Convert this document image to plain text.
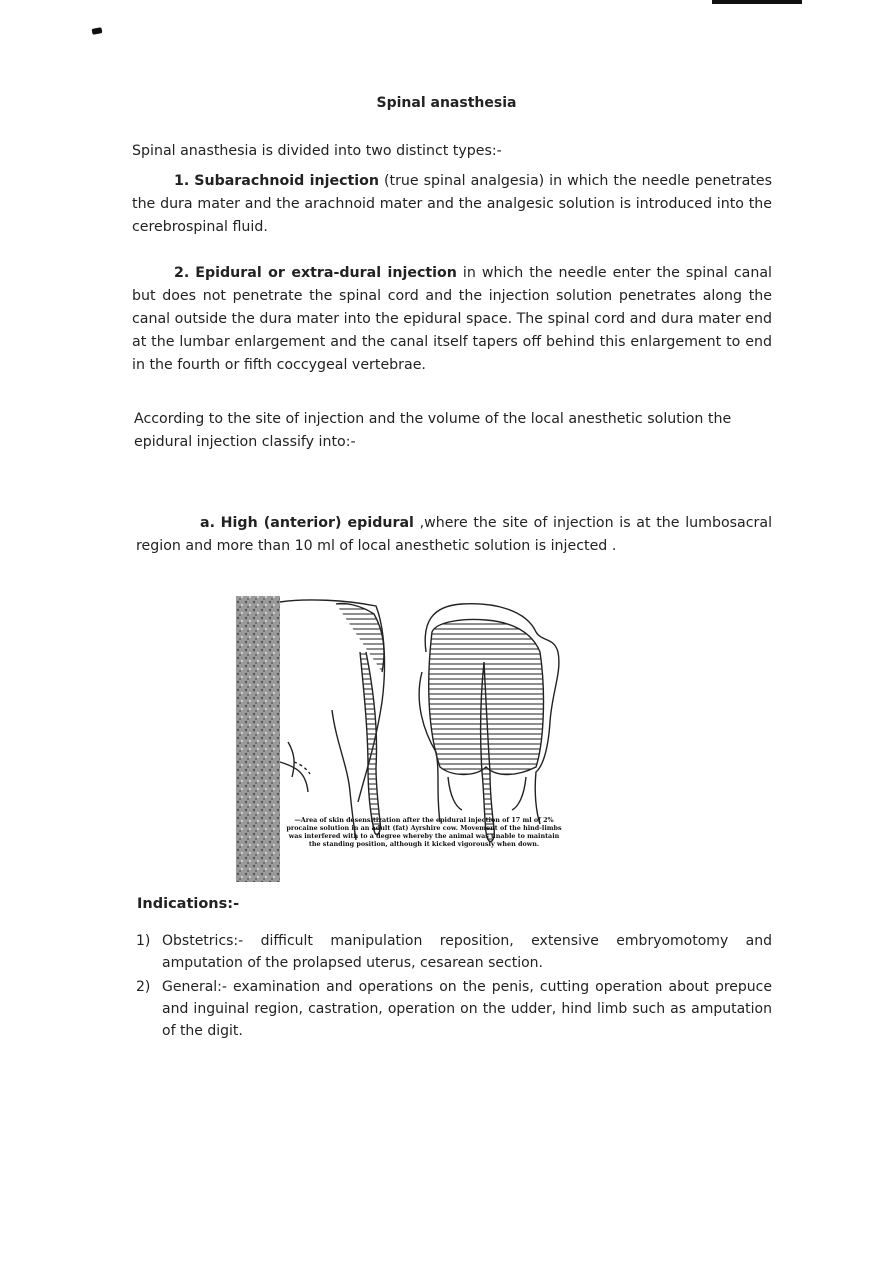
Spinal anasthesia

Spinal anasthesia is divided into two distinct types:-

1. Subarachnoid injection (true spinal analgesia) in which the needle penetrates the dura mater and the arachnoid mater and the analgesic solution is introduced into the cerebrospinal fluid.

2. Epidural or extra-dural injection in which the needle enter the spinal canal but does not penetrate the spinal cord and the injection solution penetrates along the canal outside the dura mater into the epidural space. The spinal cord and dura mater end at the lumbar enlargement and the canal itself tapers off behind this enlargement to end in the fourth or fifth coccygeal vertebrae.

According to the site of injection and the volume of the local anesthetic solution the epidural injection classify into:-

a. High (anterior) epidural ,where the site of injection is at the lumbosacral region and more than 10 ml of local anesthetic solution is injected .

—Area of skin desensitization after the epidural injection of 17 ml of 2% procaine solution in an adult (fat) Ayrshire cow. Movement of the hind-limbs was interfered with to a degree whereby the animal was unable to maintain the standing position, although it kicked vigorously when down.
Indications:-
1) Obstetrics:- difficult manipulation reposition, extensive embryomotomy and amputation of the prolapsed uterus, cesarean section.
2) General:- examination and operations on the penis, cutting operation about prepuce and inguinal region, castration, operation on the udder, hind limb such as amputation of the digit.
